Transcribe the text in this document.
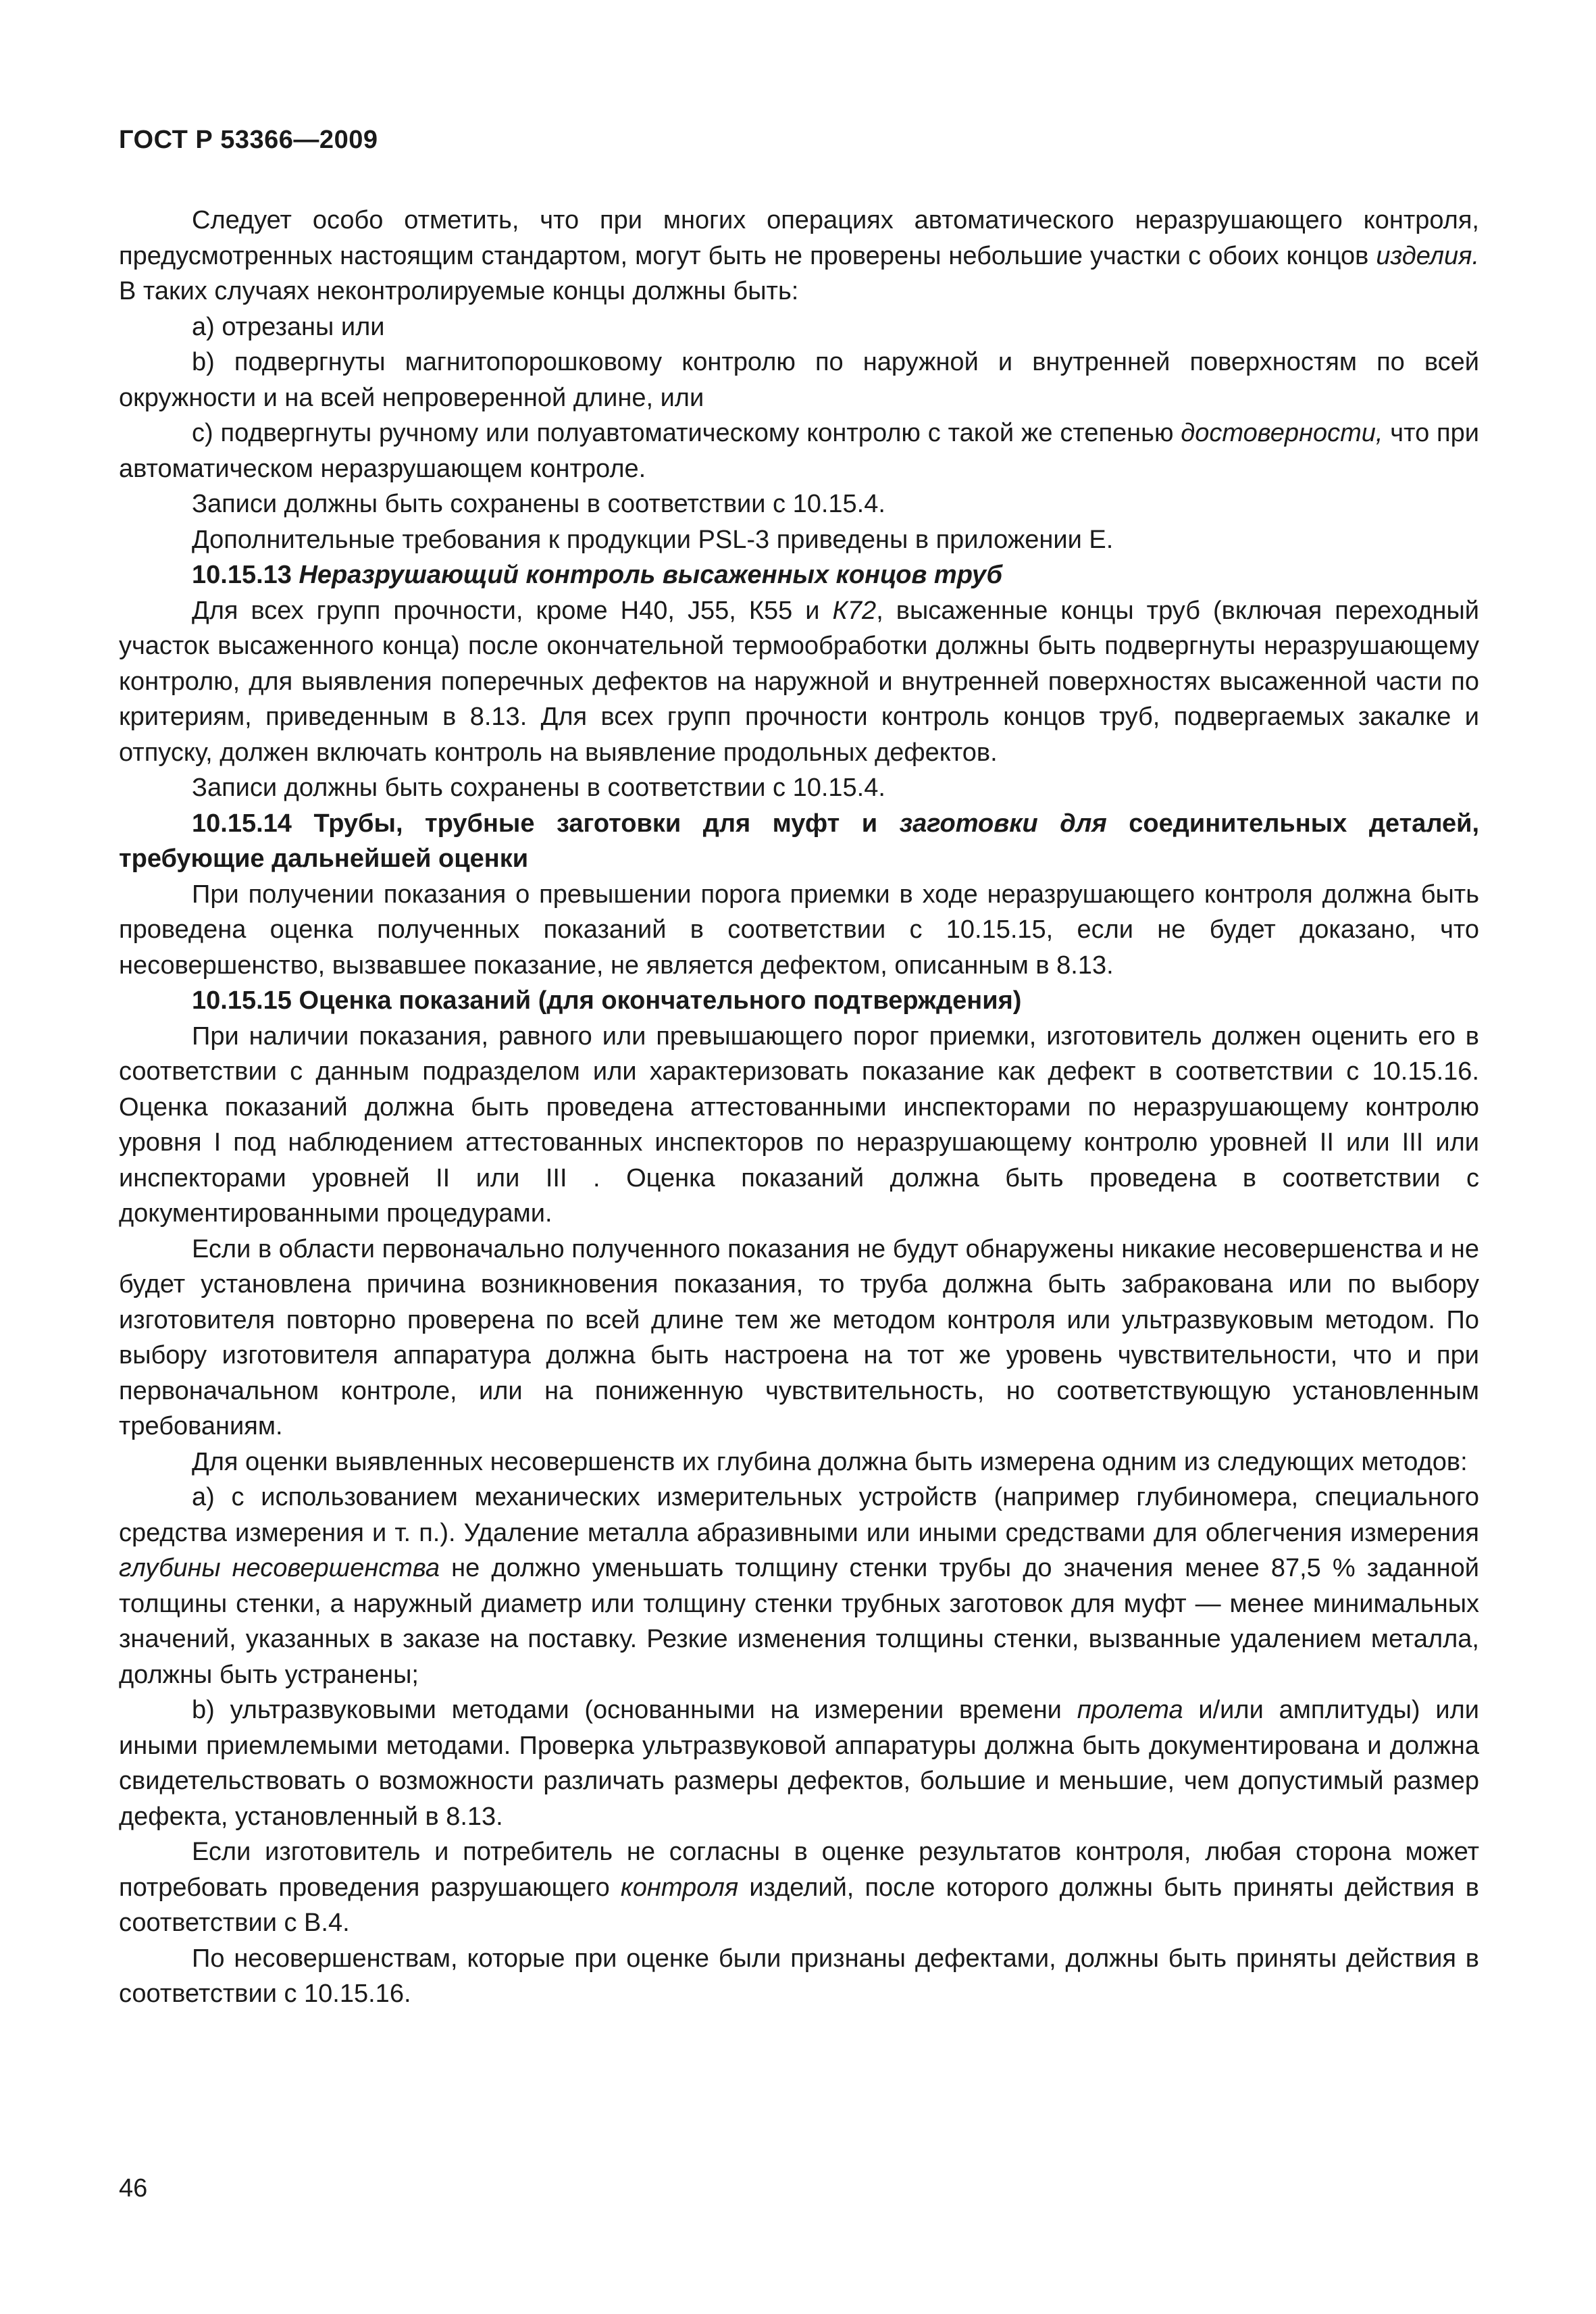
ГОСТ Р 53366—2009

Следует особо отметить, что при многих операциях автоматического неразрушающего контроля, предусмотренных настоящим стандартом, могут быть не проверены небольшие участки с обоих концов изделия. В таких случаях неконтролируемые концы должны быть:

а) отрезаны или

b) подвергнуты магнитопорошковому контролю по наружной и внутренней поверхностям по всей окружности и на всей непроверенной длине, или

с) подвергнуты ручному или полуавтоматическому контролю с такой же степенью достоверности, что при автоматическом неразрушающем контроле.

Записи должны быть сохранены в соответствии с 10.15.4.

Дополнительные требования к продукции PSL-3 приведены в приложении Е.

10.15.13 Неразрушающий контроль высаженных концов труб

Для всех групп прочности, кроме Н40, J55, К55 и К72, высаженные концы труб (включая переходный участок высаженного конца) после окончательной термообработки должны быть подвергнуты неразрушающему контролю, для выявления поперечных дефектов на наружной и внутренней поверхностях высаженной части по критериям, приведенным в 8.13. Для всех групп прочности контроль концов труб, подвергаемых закалке и отпуску, должен включать контроль на выявление продольных дефектов.

Записи должны быть сохранены в соответствии с 10.15.4.

10.15.14 Трубы, трубные заготовки для муфт и заготовки для соединительных деталей, требующие дальнейшей оценки

При получении показания о превышении порога приемки в ходе неразрушающего контроля должна быть проведена оценка полученных показаний в соответствии с 10.15.15, если не будет доказано, что несовершенство, вызвавшее показание, не является дефектом, описанным в 8.13.

10.15.15 Оценка показаний (для окончательного подтверждения)

При наличии показания, равного или превышающего порог приемки, изготовитель должен оценить его в соответствии с данным подразделом или характеризовать показание как дефект в соответствии с 10.15.16. Оценка показаний должна быть проведена аттестованными инспекторами по неразрушающему контролю уровня I под наблюдением аттестованных инспекторов по неразрушающему контролю уровней II или III или инспекторами уровней II или III . Оценка показаний должна быть проведена в соответствии с документированными процедурами.

Если в области первоначально полученного показания не будут обнаружены никакие несовершенства и не будет установлена причина возникновения показания, то труба должна быть забракована или по выбору изготовителя повторно проверена по всей длине тем же методом контроля или ультразвуковым методом. По выбору изготовителя аппаратура должна быть настроена на тот же уровень чувствительности, что и при первоначальном контроле, или на пониженную чувствительность, но соответствующую установленным требованиям.

Для оценки выявленных несовершенств их глубина должна быть измерена одним из следующих методов:

а) с использованием механических измерительных устройств (например глубиномера, специального средства измерения и т. п.). Удаление металла абразивными или иными средствами для облегчения измерения глубины несовершенства не должно уменьшать толщину стенки трубы до значения менее 87,5 % заданной толщины стенки, а наружный диаметр или толщину стенки трубных заготовок для муфт — менее минимальных значений, указанных в заказе на поставку. Резкие изменения толщины стенки, вызванные удалением металла, должны быть устранены;

b) ультразвуковыми методами (основанными на измерении времени пролета и/или амплитуды) или иными приемлемыми методами. Проверка ультразвуковой аппаратуры должна быть документирована и должна свидетельствовать о возможности различать размеры дефектов, большие и меньшие, чем допустимый размер дефекта, установленный в 8.13.

Если изготовитель и потребитель не согласны в оценке результатов контроля, любая сторона может потребовать проведения разрушающего контроля изделий, после которого должны быть приняты действия в соответствии с В.4.

По несовершенствам, которые при оценке были признаны дефектами, должны быть приняты действия в соответствии с 10.15.16.

46
